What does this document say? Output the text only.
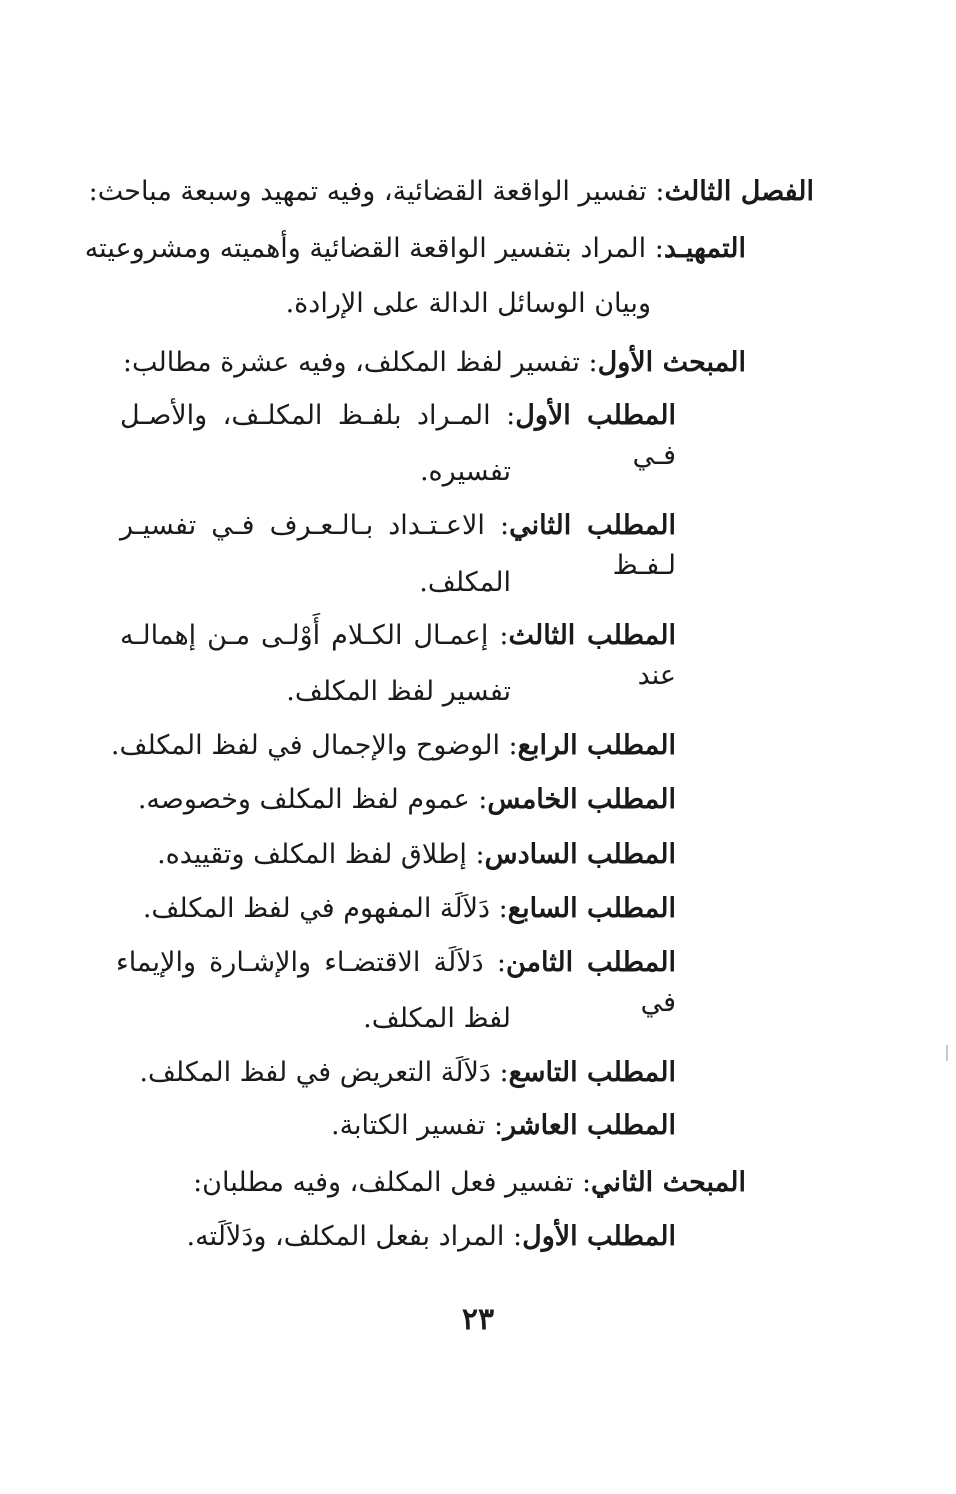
الفصل الثالث: تفسير الواقعة القضائية، وفيه تمهيد وسبعة مباحث:
التمهيـد: المراد بتفسير الواقعة القضائية وأهميته ومشروعيته
وبيان الوسائل الدالة على الإرادة.
المبحث الأول: تفسير لفظ المكلف، وفيه عشرة مطالب:
المطلب الأول: المـراد بلفـظ المكلـف، والأصـل فـي
تفسيره.
المطلب الثاني: الاعـتـداد بـالـعـرف فـي تفسيـر لـفـظ
المكلف.
المطلب الثالث: إعمـال الكـلام أَوْلـى مـن إهمالـه عند
تفسير لفظ المكلف.
المطلب الرابع: الوضوح والإجمال في لفظ المكلف.
المطلب الخامس: عموم لفظ المكلف وخصوصه.
المطلب السادس: إطلاق لفظ المكلف وتقييده.
المطلب السابع: دَلاَلَة المفهوم في لفظ المكلف.
المطلب الثامن: دَلاَلَة الاقتضـاء والإشـارة والإيماء في
لفظ المكلف.
المطلب التاسع: دَلاَلَة التعريض في لفظ المكلف.
المطلب العاشر: تفسير الكتابة.
المبحث الثاني: تفسير فعل المكلف، وفيه مطلبان:
المطلب الأول: المراد بفعل المكلف، ودَلاَلَته.
٢٣
